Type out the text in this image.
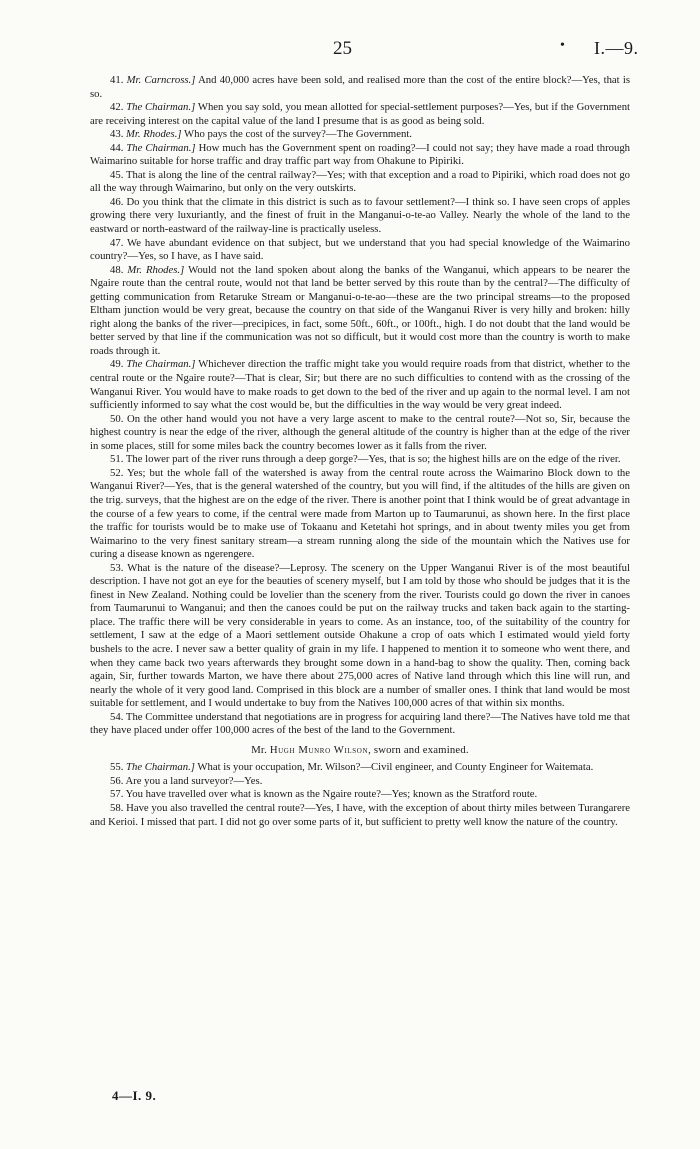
25	• I.—9.

41. Mr. Carncross.] And 40,000 acres have been sold, and realised more than the cost of the entire block?—Yes, that is so.

42. The Chairman.] When you say sold, you mean allotted for special-settlement purposes?—Yes, but if the Government are receiving interest on the capital value of the land I presume that is as good as being sold.

43. Mr. Rhodes.] Who pays the cost of the survey?—The Government.

44. The Chairman.] How much has the Government spent on roading?—I could not say; they have made a road through Waimarino suitable for horse traffic and dray traffic part way from Ohakune to Pipiriki.

45. That is along the line of the central railway?—Yes; with that exception and a road to Pipiriki, which road does not go all the way through Waimarino, but only on the very outskirts.

46. Do you think that the climate in this district is such as to favour settlement?—I think so. I have seen crops of apples growing there very luxuriantly, and the finest of fruit in the Manganui-o-te-ao Valley. Nearly the whole of the land to the eastward or north-eastward of the railway-line is practically useless.

47. We have abundant evidence on that subject, but we understand that you had special knowledge of the Waimarino country?—Yes, so I have, as I have said.

48. Mr. Rhodes.] Would not the land spoken about along the banks of the Wanganui, which appears to be nearer the Ngaire route than the central route, would not that land be better served by this route than by the central?—The difficulty of getting communication from Retaruke Stream or Manganui-o-te-ao—these are the two principal streams—to the proposed Eltham junction would be very great, because the country on that side of the Wanganui River is very hilly and broken: hilly right along the banks of the river—precipices, in fact, some 50ft., 60ft., or 100ft., high. I do not doubt that the land would be better served by that line if the communication was not so difficult, but it would cost more than the country is worth to make roads through it.

49. The Chairman.] Whichever direction the traffic might take you would require roads from that district, whether to the central route or the Ngaire route?—That is clear, Sir; but there are no such difficulties to contend with as the crossing of the Wanganui River. You would have to make roads to get down to the bed of the river and up again to the normal level. I am not sufficiently informed to say what the cost would be, but the difficulties in the way would be very great indeed.

50. On the other hand would you not have a very large ascent to make to the central route?—Not so, Sir, because the highest country is near the edge of the river, although the general altitude of the country is higher than at the edge of the river in some places, still for some miles back the country becomes lower as it falls from the river.

51. The lower part of the river runs through a deep gorge?—Yes, that is so; the highest hills are on the edge of the river.

52. Yes; but the whole fall of the watershed is away from the central route across the Waimarino Block down to the Wanganui River?—Yes, that is the general watershed of the country, but you will find, if the altitudes of the hills are given on the trig. surveys, that the highest are on the edge of the river. There is another point that I think would be of great advantage in the course of a few years to come, if the central were made from Marton up to Taumarunui, as shown here. In the first place the traffic for tourists would be to make use of Tokaanu and Ketetahi hot springs, and in about twenty miles you get from Waimarino to the very finest sanitary stream—a stream running along the side of the mountain which the Natives use for curing a disease known as ngerengere.

53. What is the nature of the disease?—Leprosy. The scenery on the Upper Wanganui River is of the most beautiful description. I have not got an eye for the beauties of scenery myself, but I am told by those who should be judges that it is the finest in New Zealand. Nothing could be lovelier than the scenery from the river. Tourists could go down the river in canoes from Taumarunui to Wanganui; and then the canoes could be put on the railway trucks and taken back again to the starting-place. The traffic there will be very considerable in years to come. As an instance, too, of the suitability of the country for settlement, I saw at the edge of a Maori settlement outside Ohakune a crop of oats which I estimated would yield forty bushels to the acre. I never saw a better quality of grain in my life. I happened to mention it to someone who went there, and when they came back two years afterwards they brought some down in a hand-bag to show the quality. Then, coming back again, Sir, further towards Marton, we have there about 275,000 acres of Native land through which this line will run, and nearly the whole of it very good land. Comprised in this block are a number of smaller ones. I think that land would be most suitable for settlement, and I would undertake to buy from the Natives 100,000 acres of that within six months.

54. The Committee understand that negotiations are in progress for acquiring land there?—The Natives have told me that they have placed under offer 100,000 acres of the best of the land to the Government.

Mr. Hugh Munro Wilson, sworn and examined.

55. The Chairman.] What is your occupation, Mr. Wilson?—Civil engineer, and County Engineer for Waitemata.

56. Are you a land surveyor?—Yes.

57. You have travelled over what is known as the Ngaire route?—Yes; known as the Stratford route.

58. Have you also travelled the central route?—Yes, I have, with the exception of about thirty miles between Turangarere and Kerioi. I missed that part. I did not go over some parts of it, but sufficient to pretty well know the nature of the country.

4—I. 9.
